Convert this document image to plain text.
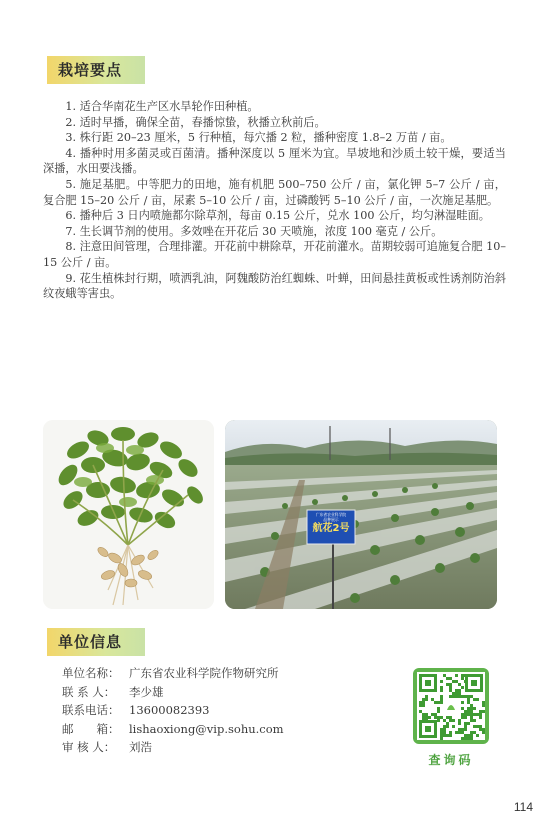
栽培要点

1. 适合华南花生产区水旱轮作田种植。

2. 适时早播，确保全苗，春播惊蛰，秋播立秋前后。

3. 株行距 20–23 厘米，5 行种植，每穴播 2 粒，播种密度 1.8–2 万苗 / 亩。

4. 播种时用多菌灵或百菌清。播种深度以 5 厘米为宜。旱坡地和沙质土较干燥，要适当深播，水田要浅播。

5. 施足基肥。中等肥力的田地，施有机肥 500–750 公斤 / 亩，氯化钾 5–7 公斤 / 亩，复合肥 15–20 公斤 / 亩，尿素 5–10 公斤 / 亩，过磷酸钙 5–10 公斤 / 亩，一次施足基肥。

6. 播种后 3 日内喷施都尔除草剂，每亩 0.15 公斤，兑水 100 公斤，均匀淋湿畦面。

7. 生长调节剂的使用。多效唑在开花后 30 天喷施，浓度 100 毫克 / 公斤。

8. 注意田间管理，合理排灌。开花前中耕除草，开花前灌水。苗期较弱可追施复合肥 10–15 公斤 / 亩。

9. 花生植株封行期，喷洒乳油，阿魏酸防治红蜘蛛、叶蝉，田间悬挂黄板或性诱剂防治斜纹夜蛾等害虫。

广东省农业科学院
品种展示
航花2号
单位信息
单位名称： 广东省农业科学院作物研究所
联 系 人： 李少雄
联系电话： 13600082393
邮　　箱： lishaoxiong@vip.sohu.com
审 核 人： 刘浩
查询码
114
